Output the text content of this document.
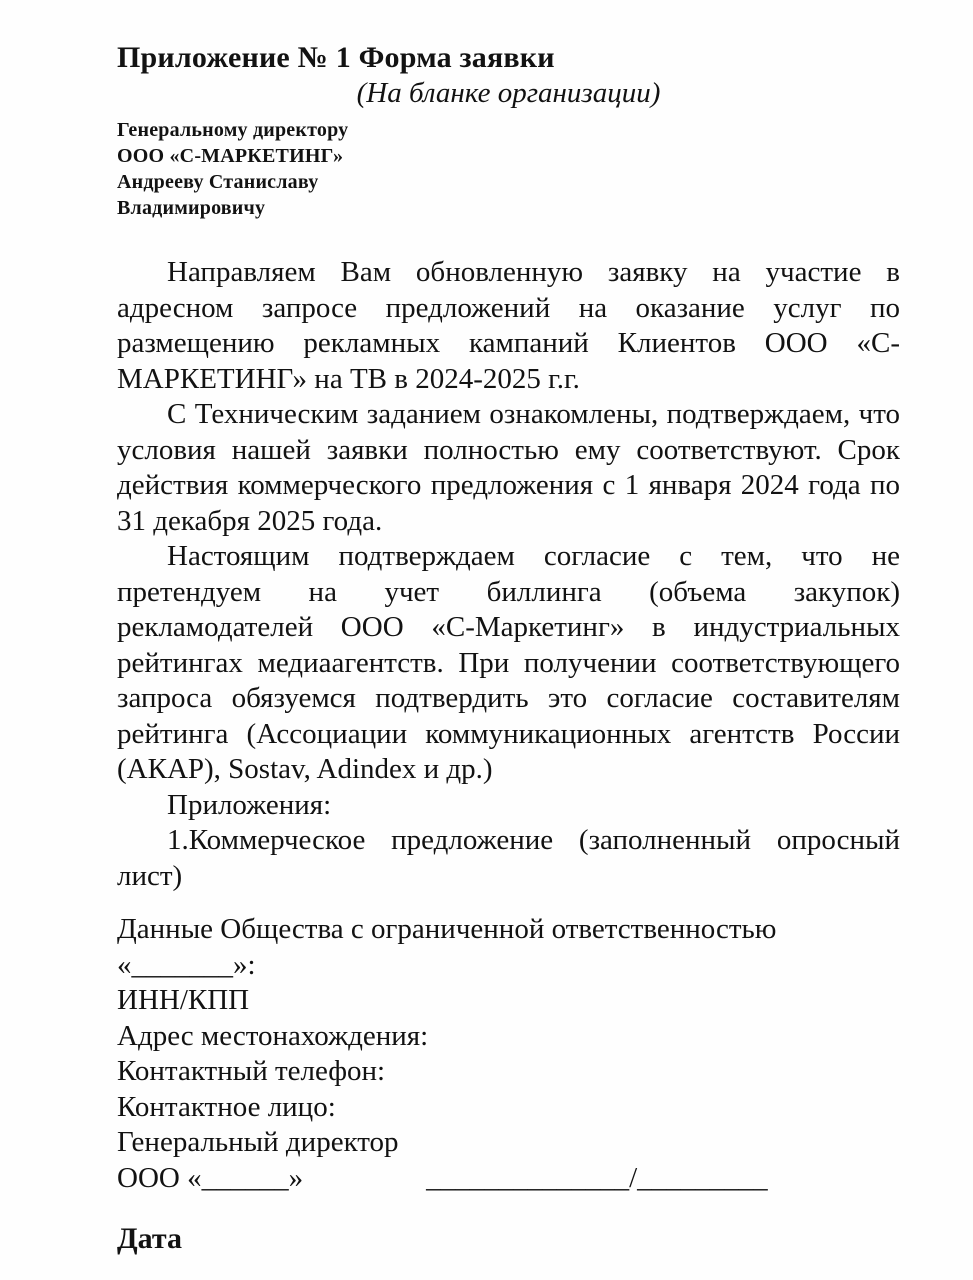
Приложение № 1 Форма заявки
(На бланке организации)
Генеральному директору
ООО «С-МАРКЕТИНГ»
Андрееву Станиславу
Владимировичу

Направляем Вам обновленную заявку на участие в адресном запросе предложений на оказание услуг по размещению рекламных кампаний Клиентов ООО «С-МАРКЕТИНГ» на ТВ в 2024-2025 г.г.

С Техническим заданием ознакомлены, подтверждаем, что условия нашей заявки полностью ему соответствуют. Срок действия коммерческого предложения с 1 января 2024 года по 31 декабря 2025 года.

Настоящим подтверждаем согласие с тем, что не претендуем на учет биллинга (объема закупок) рекламодателей ООО «С-Маркетинг» в индустриальных рейтингах медиаагентств. При получении соответствующего запроса обязуемся подтвердить это согласие составителям рейтинга (Ассоциации коммуникационных агентств России (АКАР), Sostav, Adindex и др.)

Приложения:

1.Коммерческое предложение (заполненный опросный лист)

Данные Общества с ограниченной ответственностью
«_______»:
ИНН/КПП
Адрес местонахождения:
Контактный телефон:
Контактное лицо:
Генеральный директор
ООО «______»	______________/_________
Дата
